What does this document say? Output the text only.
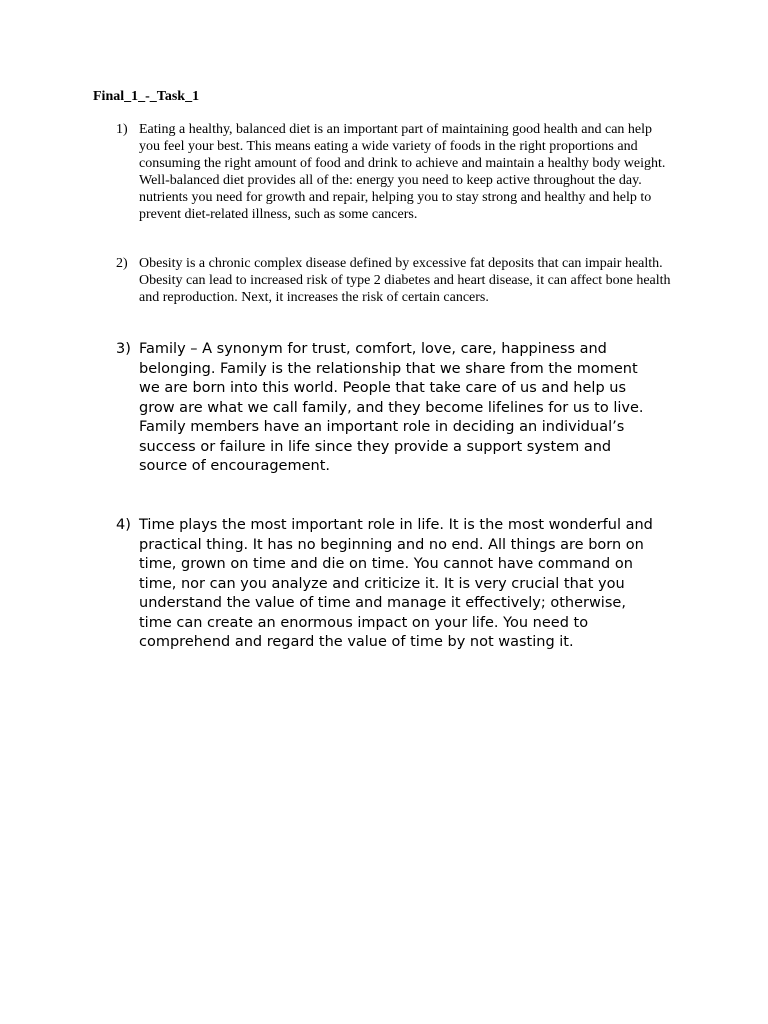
Final_1_-_Task_1
1) Eating a healthy, balanced diet is an important part of maintaining good health and can help you feel your best. This means eating a wide variety of foods in the right proportions and consuming the right amount of food and drink to achieve and maintain a healthy body weight. Well-balanced diet provides all of the: energy you need to keep active throughout the day. nutrients you need for growth and repair, helping you to stay strong and healthy and help to prevent diet-related illness, such as some cancers.
2) Obesity is a chronic complex disease defined by excessive fat deposits that can impair health. Obesity can lead to increased risk of type 2 diabetes and heart disease, it can affect bone health and reproduction. Next, it increases the risk of certain cancers.
3) Family – A synonym for trust, comfort, love, care, happiness and belonging. Family is the relationship that we share from the moment we are born into this world. People that take care of us and help us grow are what we call family, and they become lifelines for us to live. Family members have an important role in deciding an individual’s success or failure in life since they provide a support system and source of encouragement.
4) Time plays the most important role in life. It is the most wonderful and practical thing. It has no beginning and no end. All things are born on time, grown on time and die on time. You cannot have command on time, nor can you analyze and criticize it. It is very crucial that you understand the value of time and manage it effectively; otherwise, time can create an enormous impact on your life. You need to comprehend and regard the value of time by not wasting it.
